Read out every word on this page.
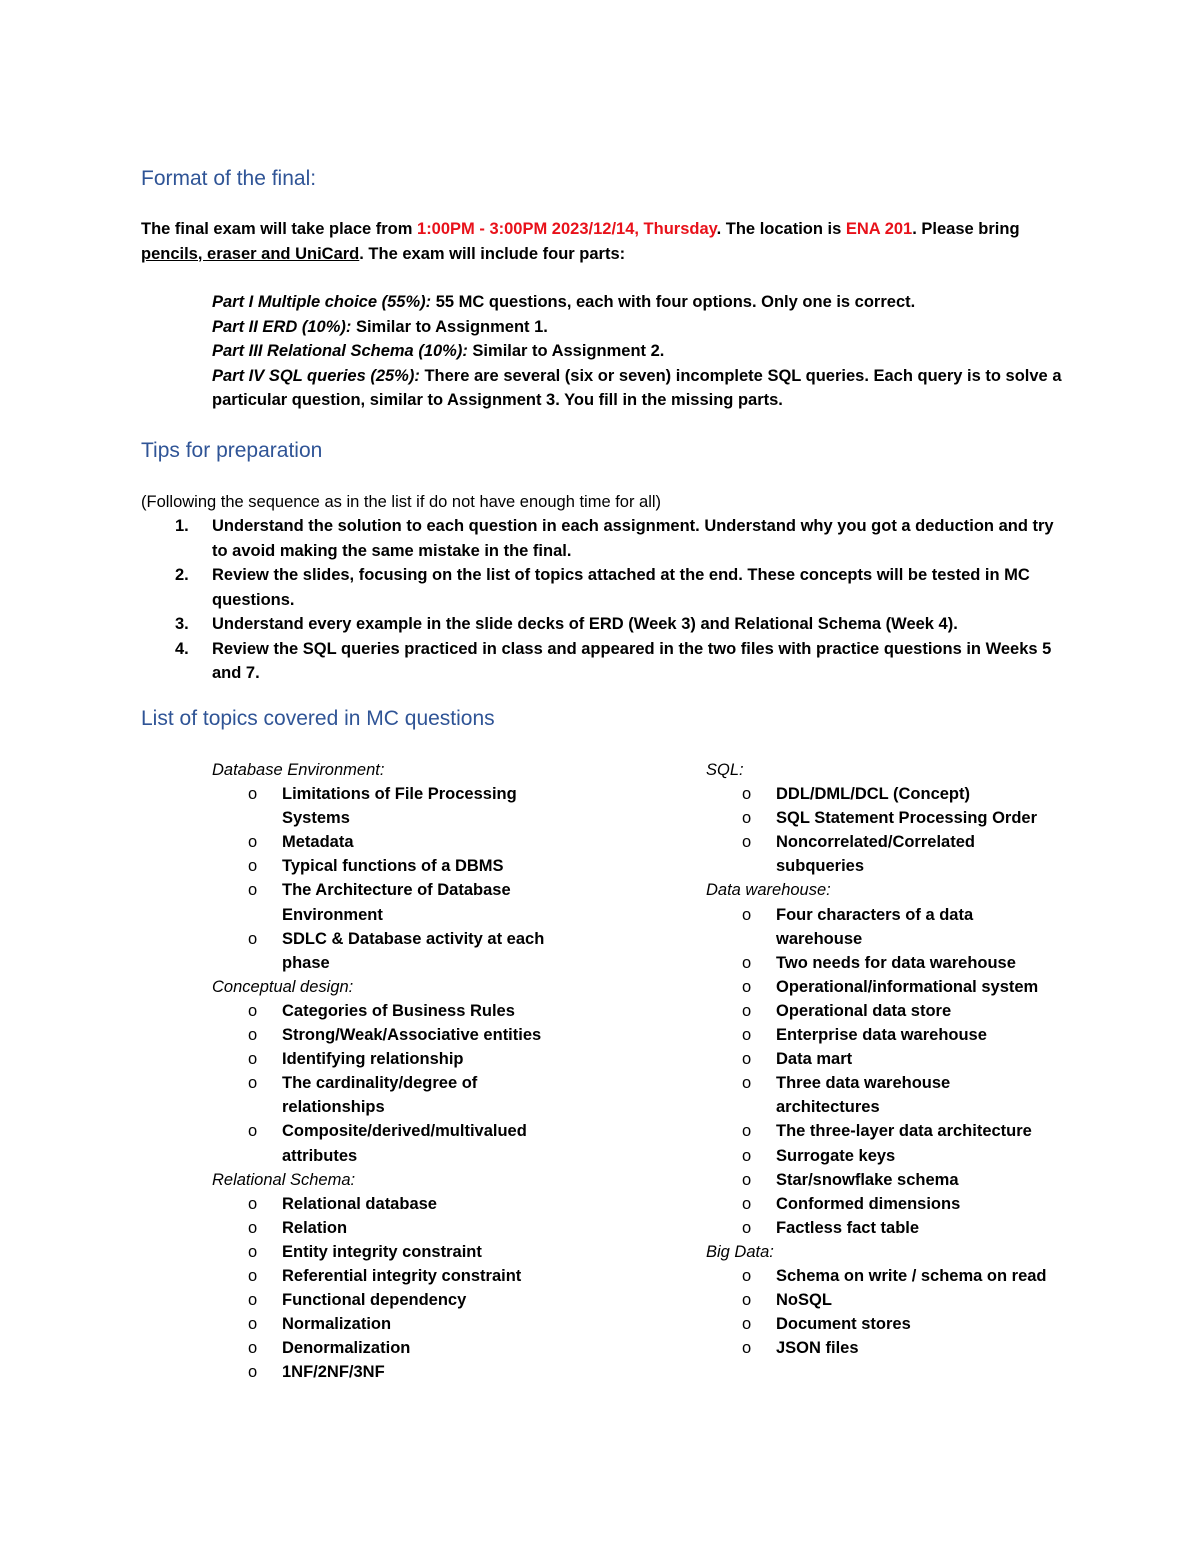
Format of the final:
The final exam will take place from 1:00PM - 3:00PM 2023/12/14, Thursday. The location is ENA 201. Please bring pencils, eraser and UniCard. The exam will include four parts:

Part I Multiple choice (55%): 55 MC questions, each with four options. Only one is correct.

Part II ERD (10%): Similar to Assignment 1.

Part III Relational Schema (10%): Similar to Assignment 2.

Part IV SQL queries (25%): There are several (six or seven) incomplete SQL queries. Each query is to solve a particular question, similar to Assignment 3. You fill in the missing parts.

Tips for preparation
(Following the sequence as in the list if do not have enough time for all)
1. Understand the solution to each question in each assignment. Understand why you got a deduction and try to avoid making the same mistake in the final.
2. Review the slides, focusing on the list of topics attached at the end. These concepts will be tested in MC questions.
3. Understand every example in the slide decks of ERD (Week 3) and Relational Schema (Week 4).
4. Review the SQL queries practiced in class and appeared in the two files with practice questions in Weeks 5 and 7.
List of topics covered in MC questions
Database Environment:
o Limitations of File Processing Systems
o Metadata
o Typical functions of a DBMS
o The Architecture of Database Environment
o SDLC & Database activity at each phase
Conceptual design:
o Categories of Business Rules
o Strong/Weak/Associative entities
o Identifying relationship
o The cardinality/degree of relationships
o Composite/derived/multivalued attributes
Relational Schema:
o Relational database
o Relation
o Entity integrity constraint
o Referential integrity constraint
o Functional dependency
o Normalization
o Denormalization
o 1NF/2NF/3NF
SQL:
o DDL/DML/DCL (Concept)
o SQL Statement Processing Order
o Noncorrelated/Correlated subqueries
Data warehouse:
o Four characters of a data warehouse
o Two needs for data warehouse
o Operational/informational system
o Operational data store
o Enterprise data warehouse
o Data mart
o Three data warehouse architectures
o The three-layer data architecture
o Surrogate keys
o Star/snowflake schema
o Conformed dimensions
o Factless fact table
Big Data:
o Schema on write / schema on read
o NoSQL
o Document stores
o JSON files
